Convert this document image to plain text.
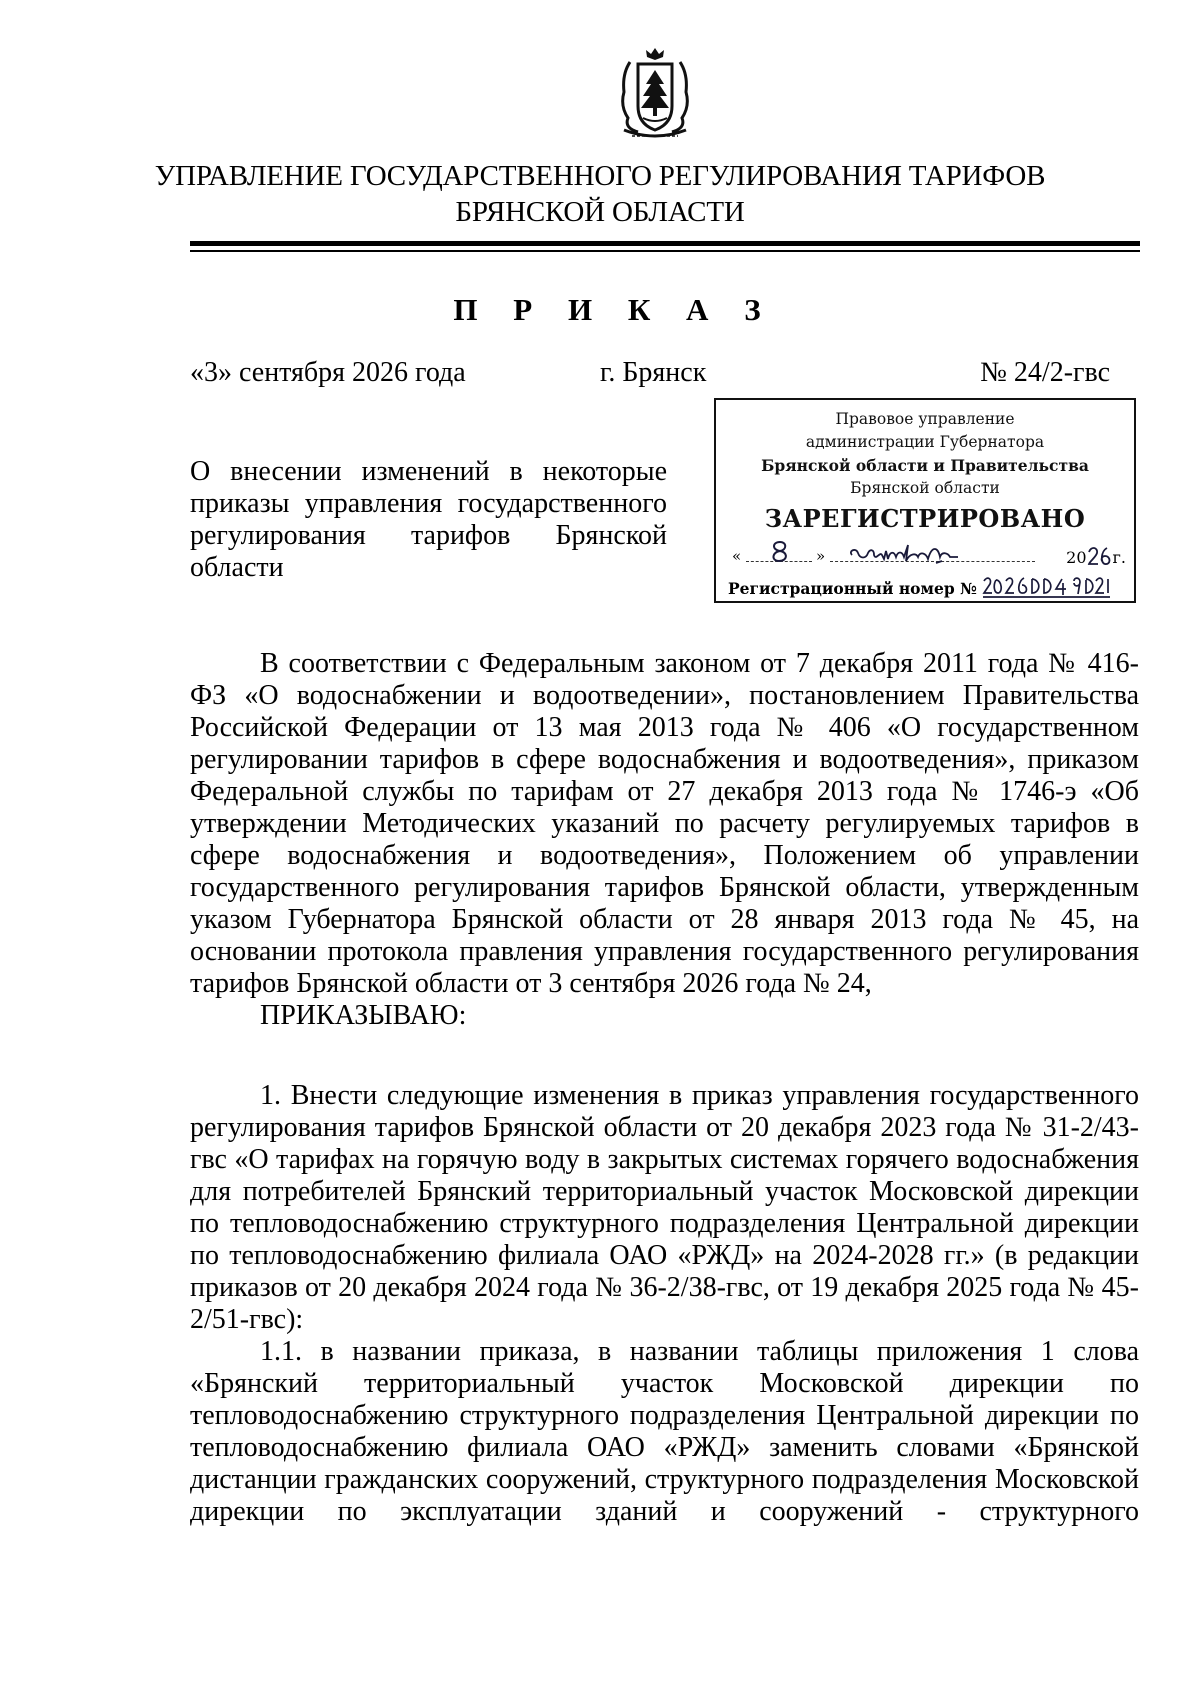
УПРАВЛЕНИЕ ГОСУДАРСТВЕННОГО РЕГУЛИРОВАНИЯ ТАРИФОВ
БРЯНСКОЙ ОБЛАСТИ
П Р И К А З
«3» сентября 2026 года	г. Брянск	№ 24/2-гвс
О внесении изменений в некоторые приказы управления государственного регулирования тарифов Брянской области
Правовое управление
администрации Губернатора
Брянской области и Правительства
Брянской области
ЗАРЕГИСТРИРОВАНО
«	»	20 г.
Регистрационный номер №

В соответствии с Федеральным законом от 7 декабря 2011 года № 416-ФЗ «О водоснабжении и водоотведении», постановлением Правительства Российской Федерации от 13 мая 2013 года № 406 «О государственном регулировании тарифов в сфере водоснабжения и водоотведения», приказом Федеральной службы по тарифам от 27 декабря 2013 года № 1746-э «Об утверждении Методических указаний по расчету регулируемых тарифов в сфере водоснабжения и водоотведения», Положением об управлении государственного регулирования тарифов Брянской области, утвержденным указом Губернатора Брянской области от 28 января 2013 года № 45, на основании протокола правления управления государственного регулирования тарифов Брянской области от 3 сентября 2026 года № 24,

ПРИКАЗЫВАЮ:

1. Внести следующие изменения в приказ управления государственного регулирования тарифов Брянской области от 20 декабря 2023 года № 31-2/43-гвс «О тарифах на горячую воду в закрытых системах горячего водоснабжения для потребителей Брянский территориальный участок Московской дирекции по тепловодоснабжению структурного подразделения Центральной дирекции по тепловодоснабжению филиала ОАО «РЖД» на 2024-2028 гг.» (в редакции приказов от 20 декабря 2024 года № 36-2/38-гвс, от 19 декабря 2025 года № 45-2/51-гвс):

1.1. в названии приказа, в названии таблицы приложения 1 слова «Брянский территориальный участок Московской дирекции по тепловодоснабжению структурного подразделения Центральной дирекции по тепловодоснабжению филиала ОАО «РЖД» заменить словами «Брянской дистанции гражданских сооружений, структурного подразделения Московской дирекции по эксплуатации зданий и сооружений - структурного
